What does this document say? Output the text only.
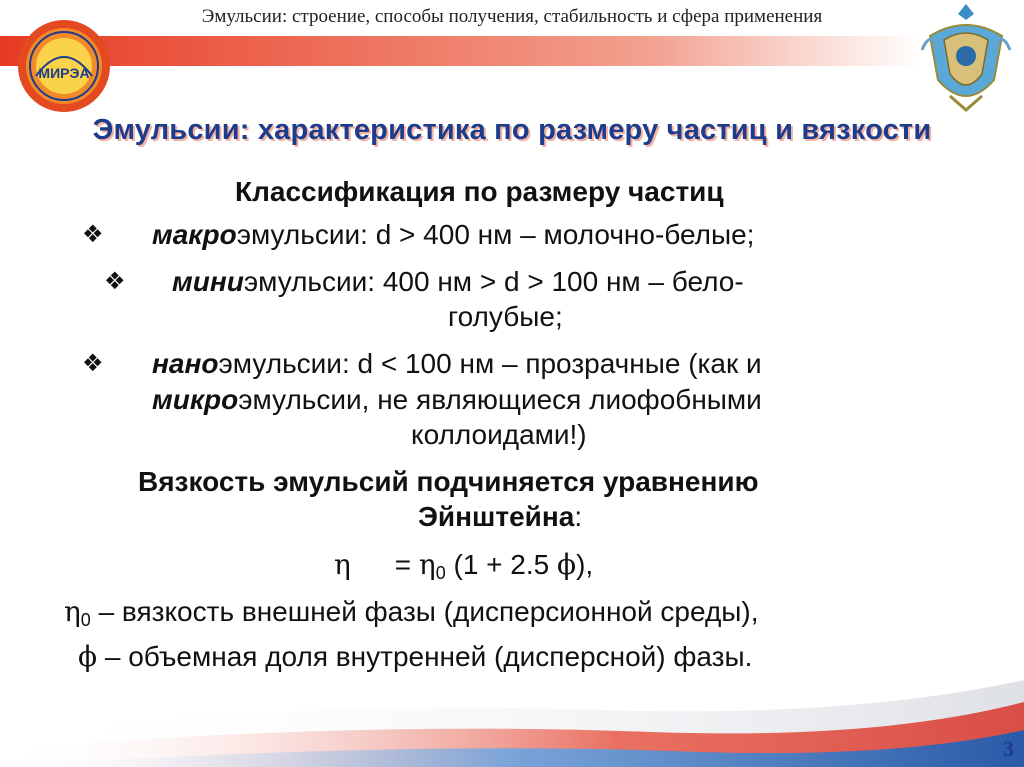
Эмульсии: строение, способы получения, стабильность и сфера применения
МИРЭА
Эмульсии: характеристика по размеру частиц и вязкости
Классификация по размеру частиц
❖ макроэмульсии: d > 400 нм – молочно-белые;
❖ миниэмульсии: 400 нм > d > 100 нм – бело-
голубые;
❖ наноэмульсии: d < 100 нм – прозрачные (как и
микроэмульсии, не являющиеся лиофобными
коллоидами!)
Вязкость эмульсий подчиняется уравнению
Эйнштейна:
$\eta = \eta_0$ (1 + 2.5 ϕ),
$\eta_0$ – вязкость внешней фазы (дисперсионной среды),
ϕ – объемная доля внутренней (дисперсной) фазы.
3
